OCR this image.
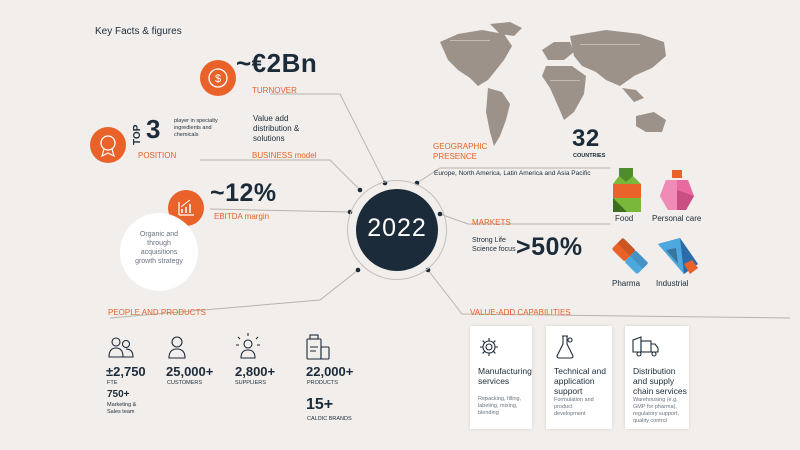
Key Facts & figures
$
~€2Bn
TURNOVER
TOP 3 player in specialty ingredients and chemicals
POSITION
Value add distribution & solutions
BUSINESS model
~12%
EBITDA margin
Organic and through acquisitions growth strategy
2022
GEOGRAPHIC PRESENCE
32
COUNTRIES
Europe, North America, Latin America and Asia Pacific
MARKETS
Strong Life Science focus >50%
Food Personal care
Pharma Industrial
PEOPLE AND PRODUCTS
±2,750
FTE
750+
Marketing & Sales team
25,000+
CUSTOMERS
2,800+
SUPPLIERS
22,000+
PRODUCTS
15+
CALDIC BRANDS
VALUE-ADD CAPABILITIES
Manufacturing services
Repacking, filling, labeling, mixing, blending
Technical and application support
Formulation and product development
Distribution and supply chain services
Warehousing (e.g. GMP for pharma), regulatory support, quality control
